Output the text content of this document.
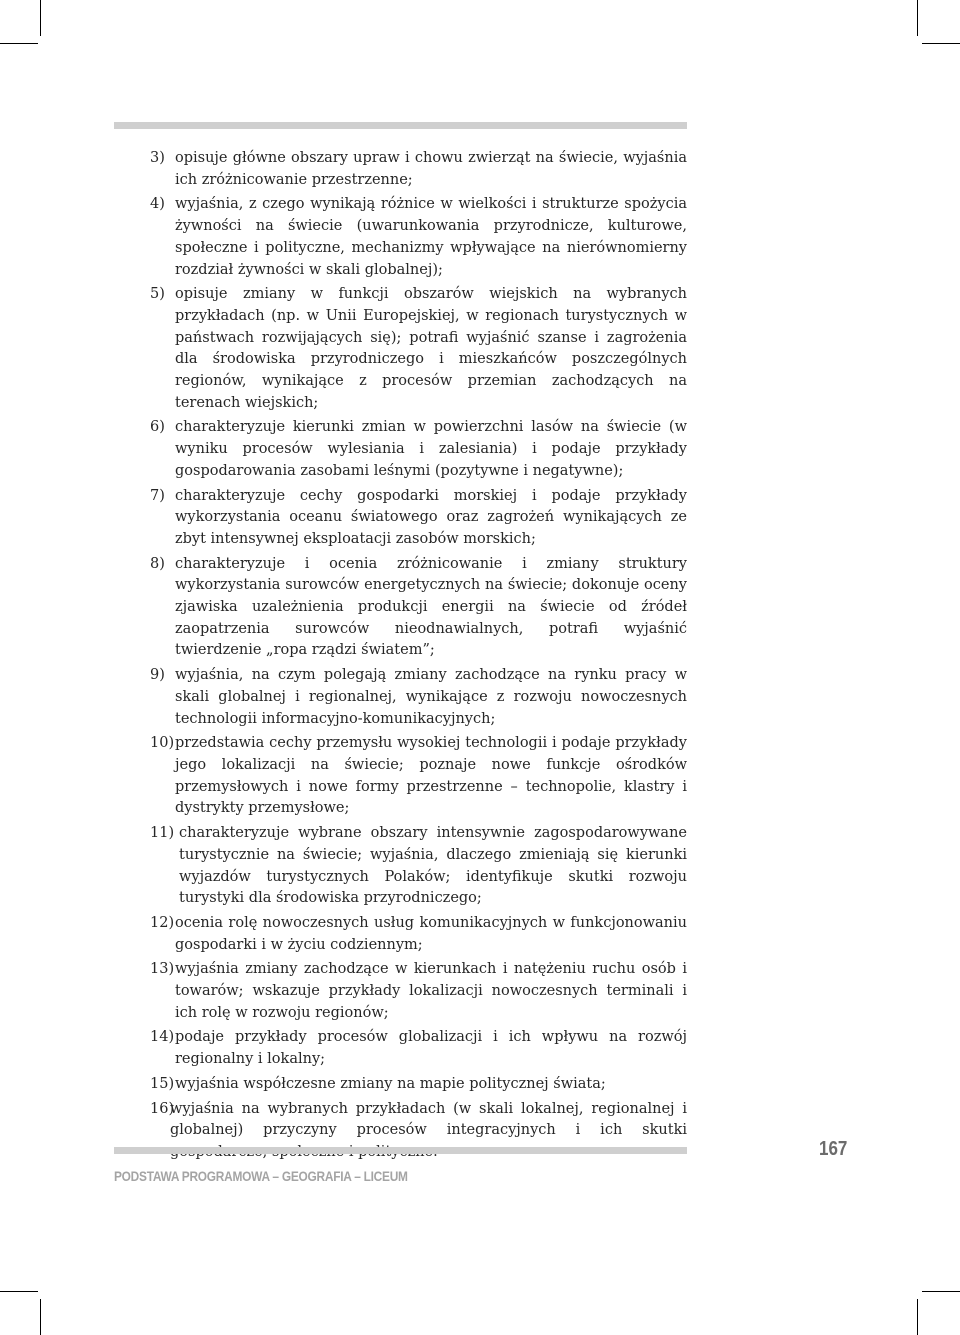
3) opisuje główne obszary upraw i chowu zwierząt na świecie, wyjaśnia ich zróżnicowanie przestrzenne;
4) wyjaśnia, z czego wynikają różnice w wielkości i strukturze spożycia żywności na świecie (uwarunkowania przyrodnicze, kulturowe, społeczne i polityczne, mechanizmy wpływające na nierównomierny rozdział żywności w skali globalnej);
5) opisuje zmiany w funkcji obszarów wiejskich na wybranych przykładach (np. w Unii Europejskiej, w regionach turystycznych w państwach rozwijających się); potrafi wyjaśnić szanse i zagrożenia dla środowiska przyrodniczego i mieszkańców poszczególnych regionów, wynikające z procesów przemian zachodzących na terenach wiejskich;
6) charakteryzuje kierunki zmian w powierzchni lasów na świecie (w wyniku procesów wylesiania i zalesiania) i podaje przykłady gospodarowania zasobami leśnymi (pozytywne i negatywne);
7) charakteryzuje cechy gospodarki morskiej i podaje przykłady wykorzystania oceanu światowego oraz zagrożeń wynikających ze zbyt intensywnej eksploatacji zasobów morskich;
8) charakteryzuje i ocenia zróżnicowanie i zmiany struktury wykorzystania surowców energetycznych na świecie; dokonuje oceny zjawiska uzależnienia produkcji energii na świecie od źródeł zaopatrzenia surowców nieodnawialnych, potrafi wyjaśnić twierdzenie „ropa rządzi światem”;
9) wyjaśnia, na czym polegają zmiany zachodzące na rynku pracy w skali globalnej i regionalnej, wynikające z rozwoju nowoczesnych technologii informacyjno-komunikacyjnych;
10) przedstawia cechy przemysłu wysokiej technologii i podaje przykłady jego lokalizacji na świecie; poznaje nowe funkcje ośrodków przemysłowych i nowe formy przestrzenne – technopolie, klastry i dystrykty przemysłowe;
11) charakteryzuje wybrane obszary intensywnie zagospodarowywane turystycznie na świecie; wyjaśnia, dlaczego zmieniają się kierunki wyjazdów turystycznych Polaków; identyfikuje skutki rozwoju turystyki dla środowiska przyrodniczego;
12) ocenia rolę nowoczesnych usług komunikacyjnych w funkcjonowaniu gospodarki i w życiu codziennym;
13) wyjaśnia zmiany zachodzące w kierunkach i natężeniu ruchu osób i towarów; wskazuje przykłady lokalizacji nowoczesnych terminali i ich rolę w rozwoju regionów;
14) podaje przykłady procesów globalizacji i ich wpływu na rozwój regionalny i lokalny;
15) wyjaśnia współczesne zmiany na mapie politycznej świata;
16)
wyjaśnia na wybranych przykładach (w skali lokalnej, regionalnej i globalnej) przyczyny procesów integracyjnych i ich skutki
PODSTAWA PROGRAMOWA – GEOGRAFIA – LICEUM
167
